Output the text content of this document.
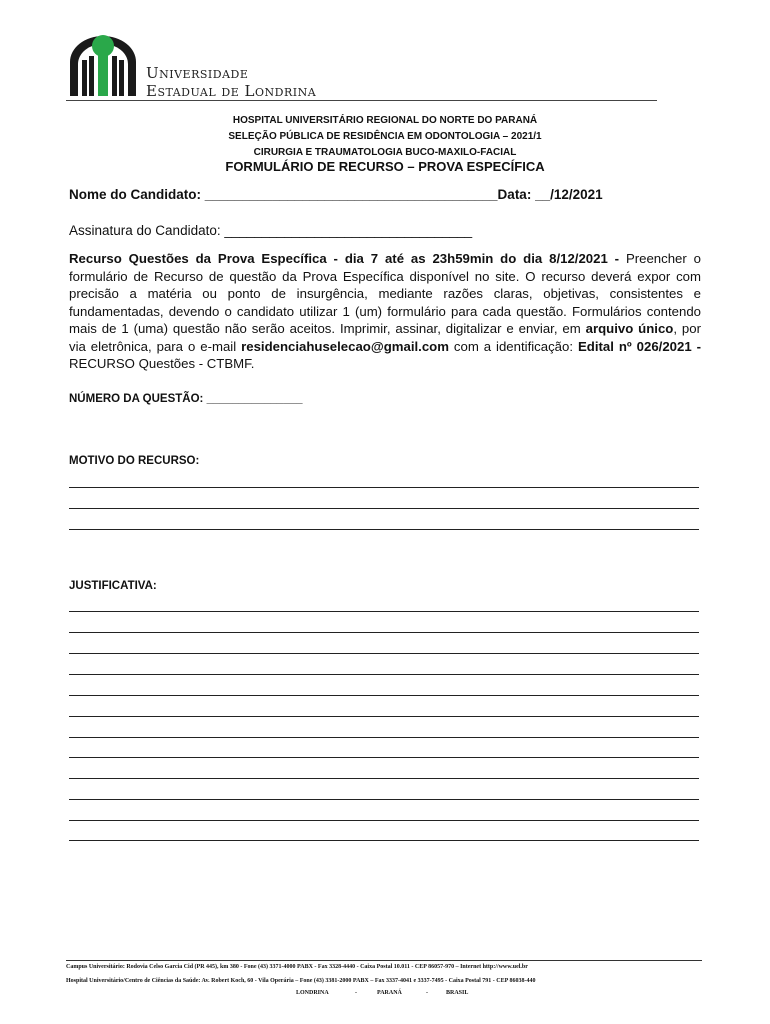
Universidade
Estadual de Londrina
HOSPITAL UNIVERSITÁRIO REGIONAL DO NORTE DO PARANÁ
SELEÇÃO PÚBLICA DE RESIDÊNCIA EM ODONTOLOGIA – 2021/1
CIRURGIA E TRAUMATOLOGIA BUCO-MAXILO-FACIAL
FORMULÁRIO DE RECURSO – PROVA ESPECÍFICA
Nome do Candidato: _______________________________________Data: __/12/2021
Assinatura do Candidato: _________________________________
Recurso Questões da Prova Específica - dia 7 até as 23h59min do dia 8/12/2021 - Preencher o formulário de Recurso de questão da Prova Específica disponível no site. O recurso deverá expor com precisão a matéria ou ponto de insurgência, mediante razões claras, objetivas, consistentes e fundamentadas, devendo o candidato utilizar 1 (um) formulário para cada questão. Formulários contendo mais de 1 (uma) questão não serão aceitos. Imprimir, assinar, digitalizar e enviar, em arquivo único, por via eletrônica, para o e-mail residenciahuselecao@gmail.com com a identificação: Edital nº 026/2021 - RECURSO Questões - CTBMF.
NÚMERO DA QUESTÃO: _______________
MOTIVO DO RECURSO:
JUSTIFICATIVA:
Campus Universitário: Rodovia Celso Garcia Cid (PR 445), km 380 - Fone (43) 3371-4000 PABX - Fax 3328-4440 - Caixa Postal 10.011 - CEP 86057-970 – Internet http://www.uel.br
Hospital Universitário/Centro de Ciências da Saúde: Av. Robert Koch, 60 - Vila Operária – Fone (43) 3381-2000 PABX – Fax 3337-4041 e 3337-7495 - Caixa Postal 791 - CEP 86038-440
LONDRINA	-	PARANÁ	-	BRASIL
